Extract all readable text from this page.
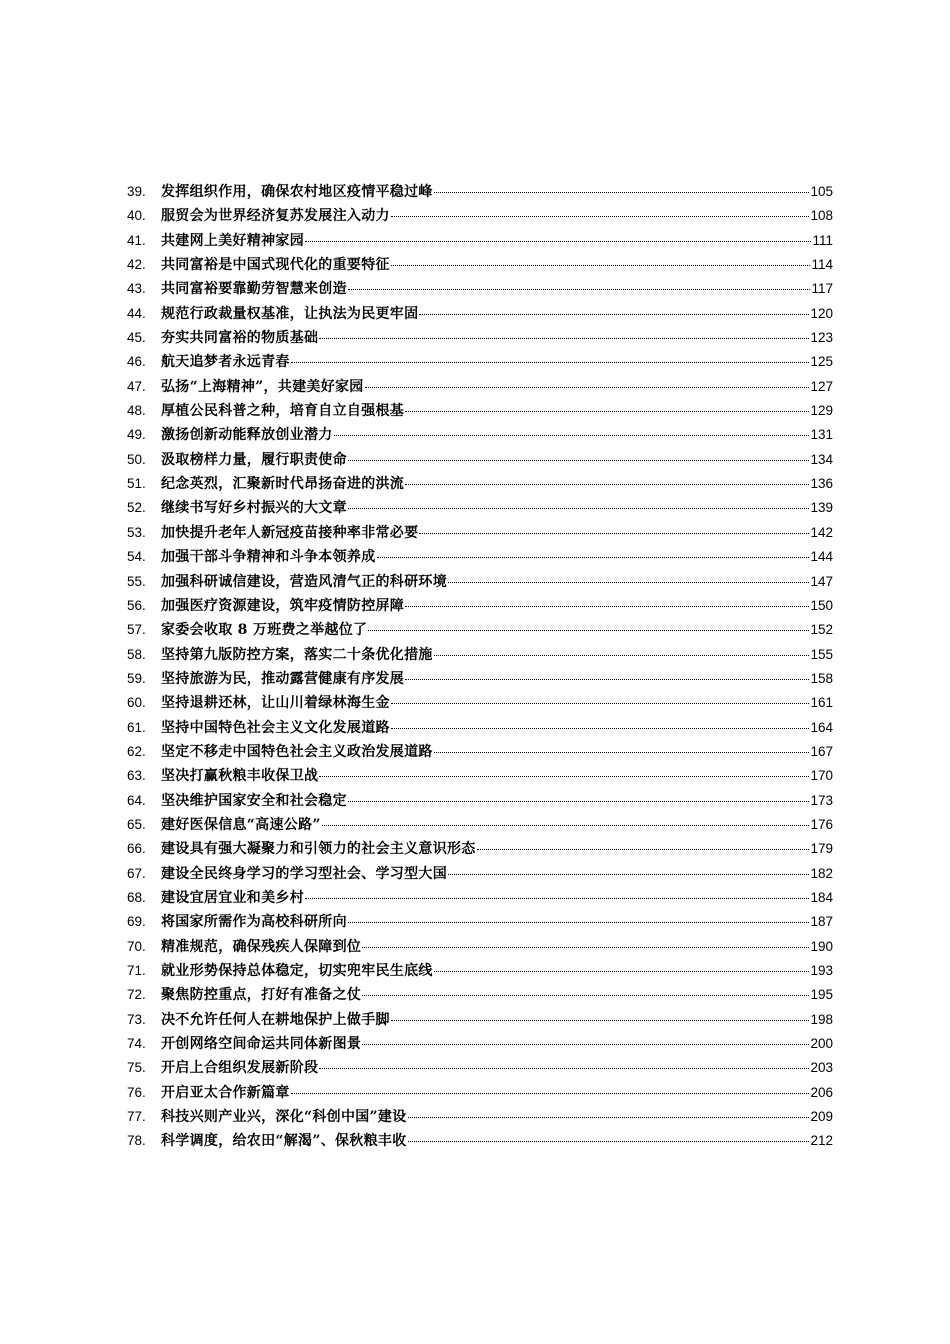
39.	发挥组织作用，确保农村地区疫情平稳过峰	105
40.	服贸会为世界经济复苏发展注入动力	108
41.	共建网上美好精神家园	111
42.	共同富裕是中国式现代化的重要特征	114
43.	共同富裕要靠勤劳智慧来创造	117
44.	规范行政裁量权基准，让执法为民更牢固	120
45.	夯实共同富裕的物质基础	123
46.	航天追梦者永远青春	125
47.	弘扬“上海精神”，共建美好家园	127
48.	厚植公民科普之种，培育自立自强根基	129
49.	激扬创新动能释放创业潜力	131
50.	汲取榜样力量，履行职责使命	134
51.	纪念英烈，汇聚新时代昂扬奋进的洪流	136
52.	继续书写好乡村振兴的大文章	139
53.	加快提升老年人新冠疫苗接种率非常必要	142
54.	加强干部斗争精神和斗争本领养成	144
55.	加强科研诚信建设，营造风清气正的科研环境	147
56.	加强医疗资源建设，筑牢疫情防控屏障	150
57.	家委会收取 8 万班费之举越位了	152
58.	坚持第九版防控方案，落实二十条优化措施	155
59.	坚持旅游为民，推动露营健康有序发展	158
60.	坚持退耕还林，让山川着绿林海生金	161
61.	坚持中国特色社会主义文化发展道路	164
62.	坚定不移走中国特色社会主义政治发展道路	167
63.	坚决打赢秋粮丰收保卫战	170
64.	坚决维护国家安全和社会稳定	173
65.	建好医保信息“高速公路”	176
66.	建设具有强大凝聚力和引领力的社会主义意识形态	179
67.	建设全民终身学习的学习型社会、学习型大国	182
68.	建设宜居宜业和美乡村	184
69.	将国家所需作为高校科研所向	187
70.	精准规范，确保残疾人保障到位	190
71.	就业形势保持总体稳定，切实兜牢民生底线	193
72.	聚焦防控重点，打好有准备之仗	195
73.	决不允许任何人在耕地保护上做手脚	198
74.	开创网络空间命运共同体新图景	200
75.	开启上合组织发展新阶段	203
76.	开启亚太合作新篇章	206
77.	科技兴则产业兴，深化“科创中国”建设	209
78.	科学调度，给农田“解渴”、保秋粮丰收	212
